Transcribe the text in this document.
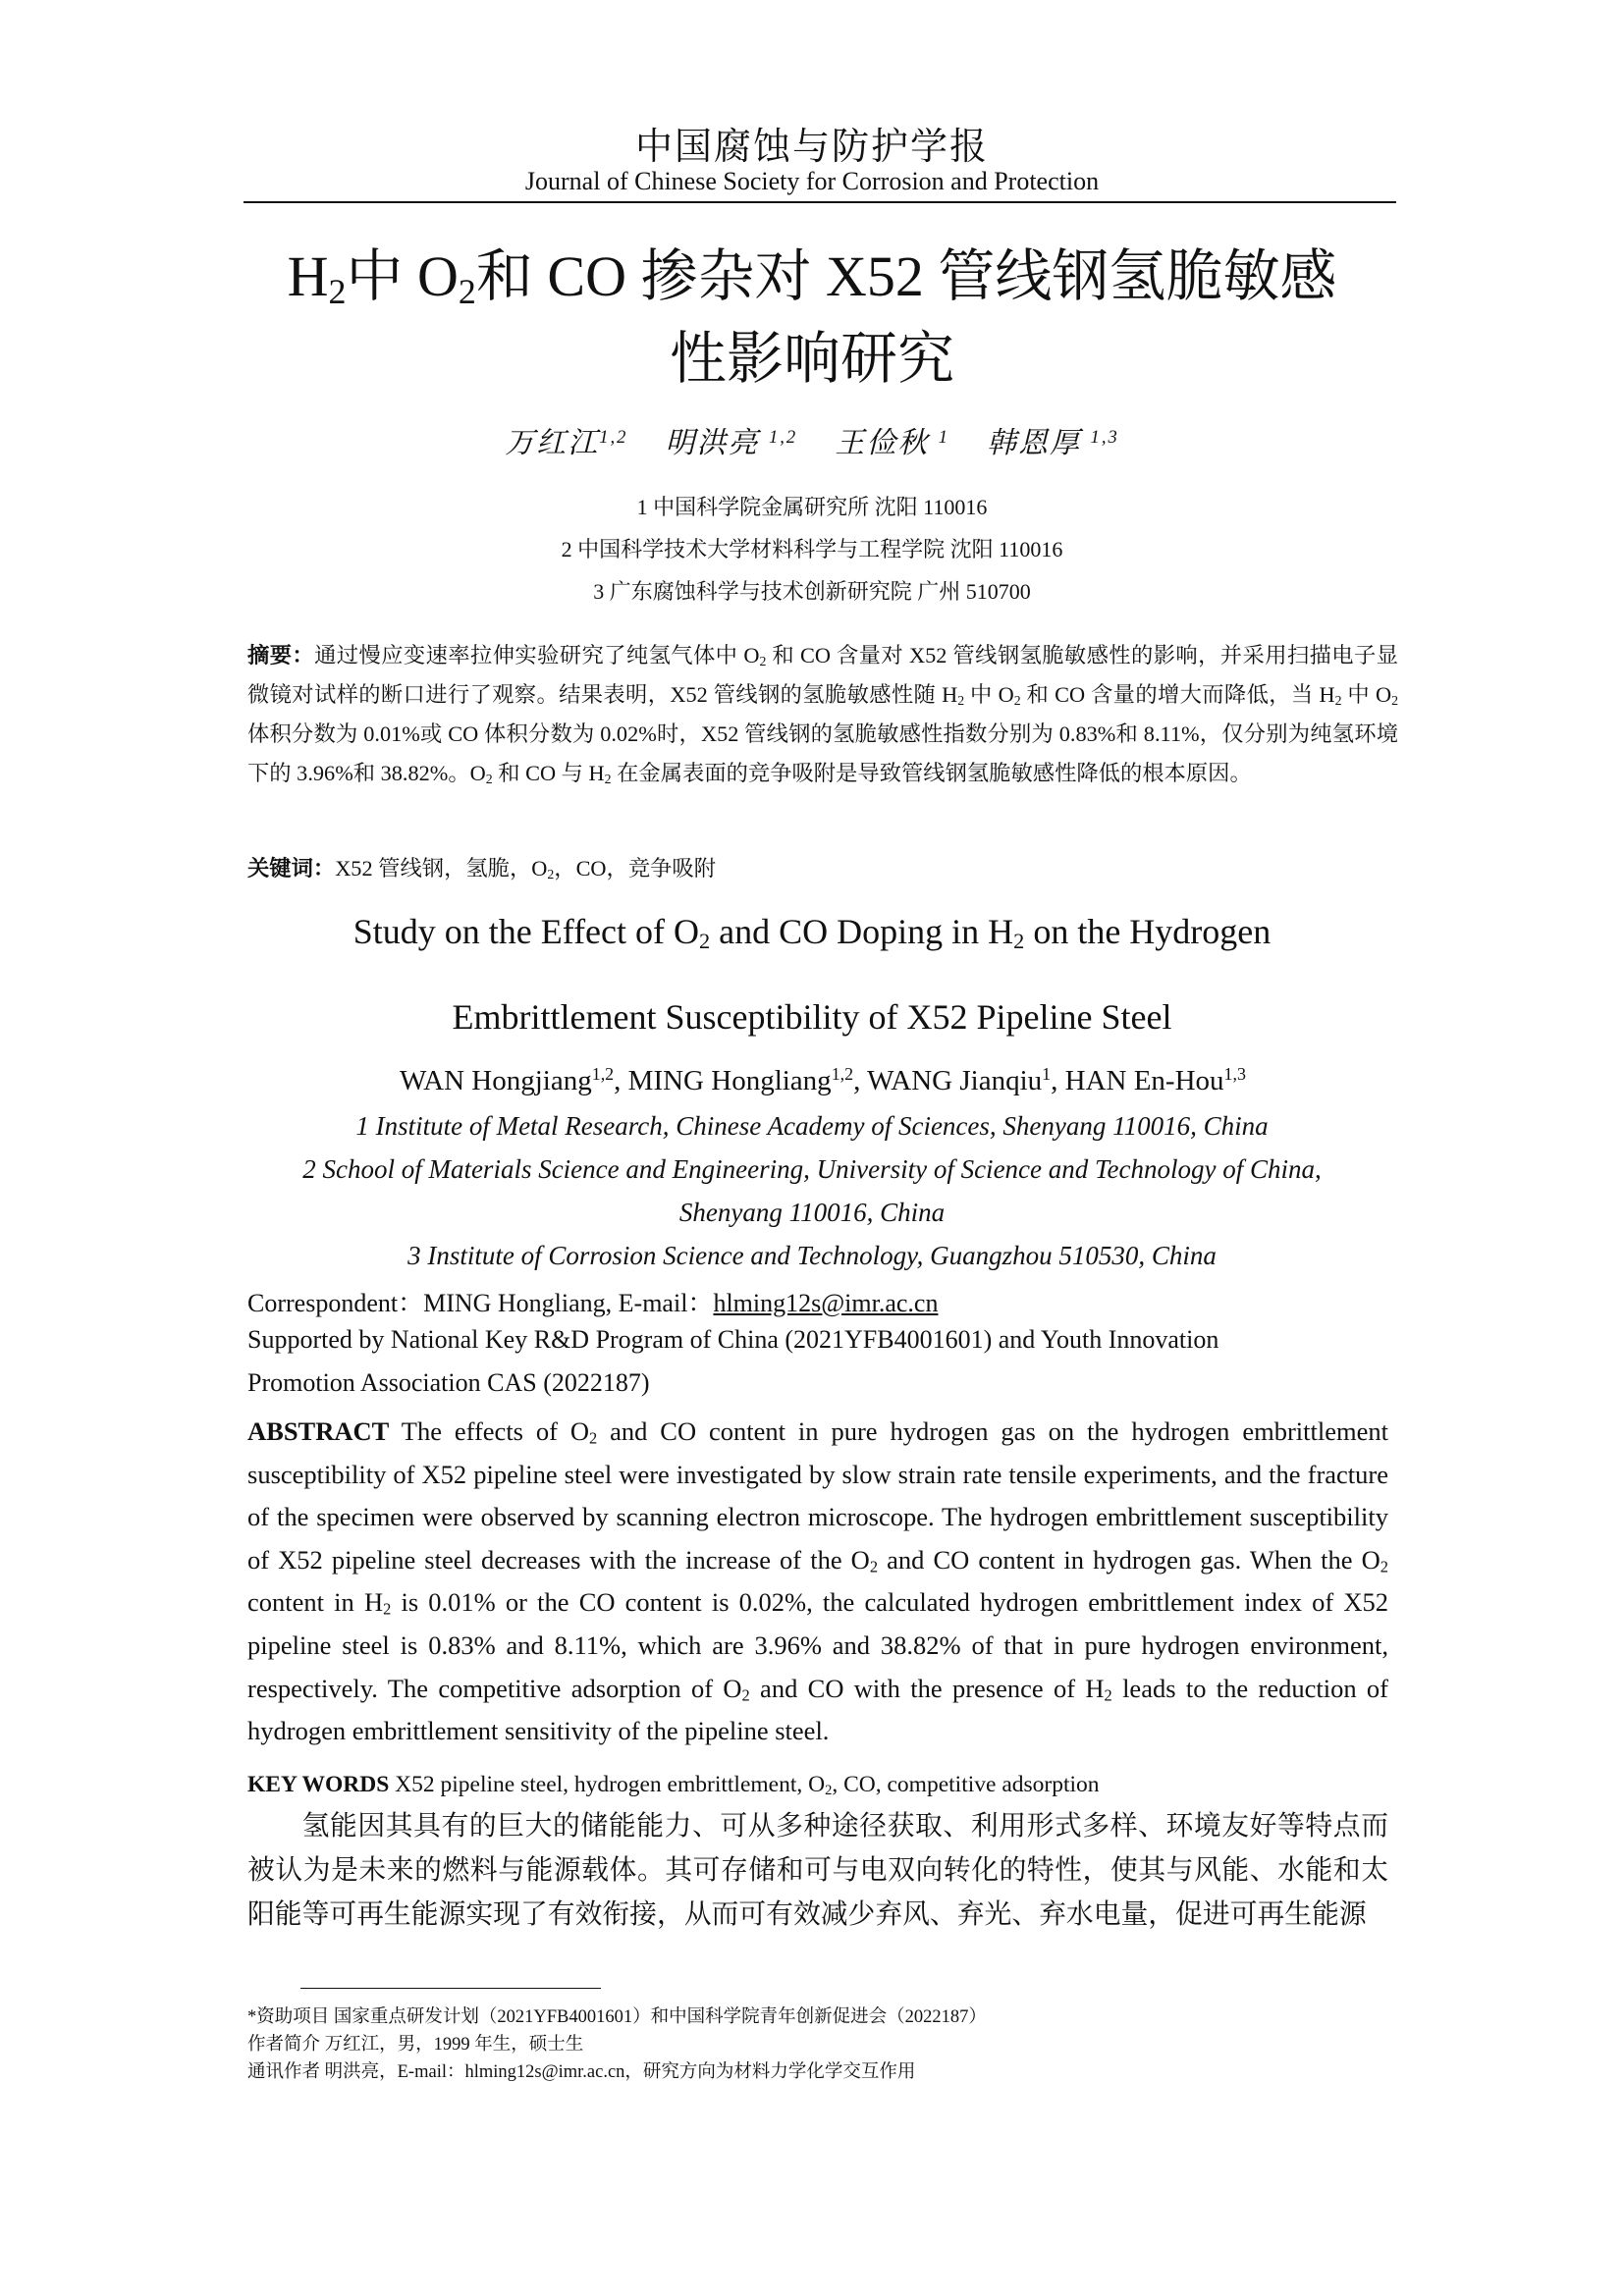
中国腐蚀与防护学报
Journal of Chinese Society for Corrosion and Protection
$H_2$中 $O_2$和 CO 掺杂对 X52 管线钢氢脆敏感
性影响研究
万红江$^{1,2}$ 明洪亮 $^{1,2}$ 王俭秋 $^1$ 韩恩厚 $^{1,3}$
1 中国科学院金属研究所 沈阳 110016
2 中国科学技术大学材料科学与工程学院 沈阳 110016
3 广东腐蚀科学与技术创新研究院 广州 510700
摘要：通过慢应变速率拉伸实验研究了纯氢气体中 $O_2$ 和 CO 含量对 X52 管线钢氢脆敏感性的影响，并采用扫描电子显微镜对试样的断口进行了观察。结果表明，X52 管线钢的氢脆敏感性随 $H_2$ 中 $O_2$ 和 CO 含量的增大而降低，当 $H_2$ 中 $O_2$ 体积分数为 0.01%或 CO 体积分数为 0.02%时，X52 管线钢的氢脆敏感性指数分别为 0.83%和 8.11%，仅分别为纯氢环境下的 3.96%和 38.82%。$O_2$ 和 CO 与 $H_2$ 在金属表面的竞争吸附是导致管线钢氢脆敏感性降低的根本原因。
关键词：X52 管线钢，氢脆，$O_2$，CO，竞争吸附
Study on the Effect of $O_2$ and CO Doping in $H_2$ on the Hydrogen
Embrittlement Susceptibility of X52 Pipeline Steel
WAN Hongjiang$^{1,2}$, MING Hongliang$^{1,2}$, WANG Jianqiu$^1$, HAN En-Hou$^{1,3}$
1 Institute of Metal Research, Chinese Academy of Sciences, Shenyang 110016, China
2 School of Materials Science and Engineering, University of Science and Technology of China,
Shenyang 110016, China
3 Institute of Corrosion Science and Technology, Guangzhou 510530, China
Correspondent：MING Hongliang, E-mail：hlming12s@imr.ac.cn
Supported by National Key R&D Program of China (2021YFB4001601) and Youth Innovation
Promotion Association CAS (2022187)
ABSTRACT The effects of $O_2$ and CO content in pure hydrogen gas on the hydrogen embrittlement susceptibility of X52 pipeline steel were investigated by slow strain rate tensile experiments, and the fracture of the specimen were observed by scanning electron microscope. The hydrogen embrittlement susceptibility of X52 pipeline steel decreases with the increase of the $O_2$ and CO content in hydrogen gas. When the $O_2$ content in $H_2$ is 0.01% or the CO content is 0.02%, the calculated hydrogen embrittlement index of X52 pipeline steel is 0.83% and 8.11%, which are 3.96% and 38.82% of that in pure hydrogen environment, respectively. The competitive adsorption of $O_2$ and CO with the presence of $H_2$ leads to the reduction of hydrogen embrittlement sensitivity of the pipeline steel.
KEY WORDS X52 pipeline steel, hydrogen embrittlement, $O_2$, CO, competitive adsorption
氢能因其具有的巨大的储能能力、可从多种途径获取、利用形式多样、环境友好等特点而被认为是未来的燃料与能源载体。其可存储和可与电双向转化的特性，使其与风能、水能和太阳能等可再生能源实现了有效衔接，从而可有效减少弃风、弃光、弃水电量，促进可再生能源
*资助项目 国家重点研发计划（2021YFB4001601）和中国科学院青年创新促进会（2022187）
作者简介 万红江，男，1999 年生，硕士生
通讯作者 明洪亮，E-mail：hlming12s@imr.ac.cn，研究方向为材料力学化学交互作用
